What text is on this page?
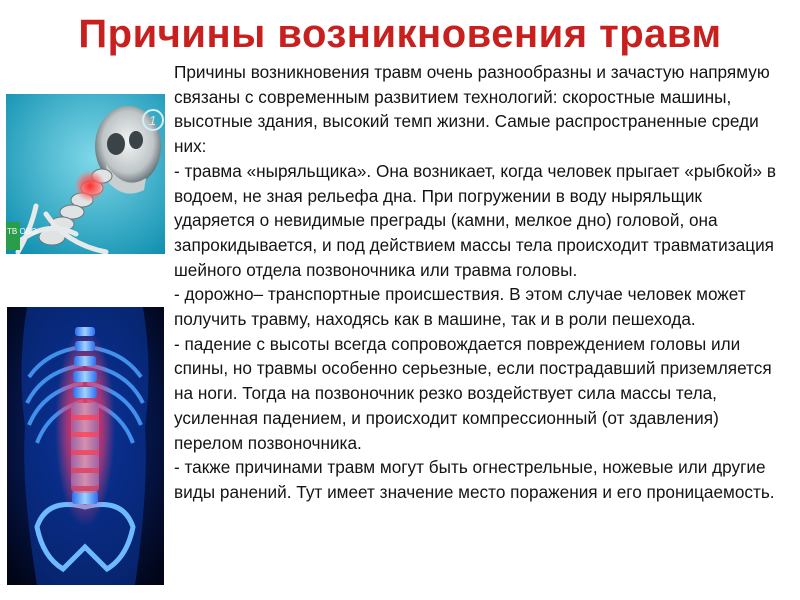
Причины возникновения травм
1
ТВ ОБО

Причины возникновения травм очень разнообразны и зачастую напрямую связаны с современным развитием технологий: скоростные машины, высотные здания, высокий темп жизни. Самые распространенные среди них:

- травма «ныряльщика». Она возникает, когда человек прыгает «рыбкой» в водоем, не зная рельефа дна. При погружении в воду ныряльщик ударяется о невидимые преграды (камни, мелкое дно) головой, она запрокидывается, и под действием массы тела происходит травматизация шейного отдела позвоночника или травма головы.

- дорожно– транспортные происшествия. В этом случае человек может получить травму, находясь как в машине, так и в роли пешехода.

- падение с высоты всегда сопровождается повреждением головы или спины, но травмы особенно серьезные, если пострадавший приземляется на ноги. Тогда на позвоночник резко воздействует сила массы тела, усиленная падением, и происходит компрессионный (от здавления) перелом позвоночника.

- также причинами травм могут быть огнестрельные, ножевые или другие виды ранений. Тут имеет значение место поражения и его проницаемость.
